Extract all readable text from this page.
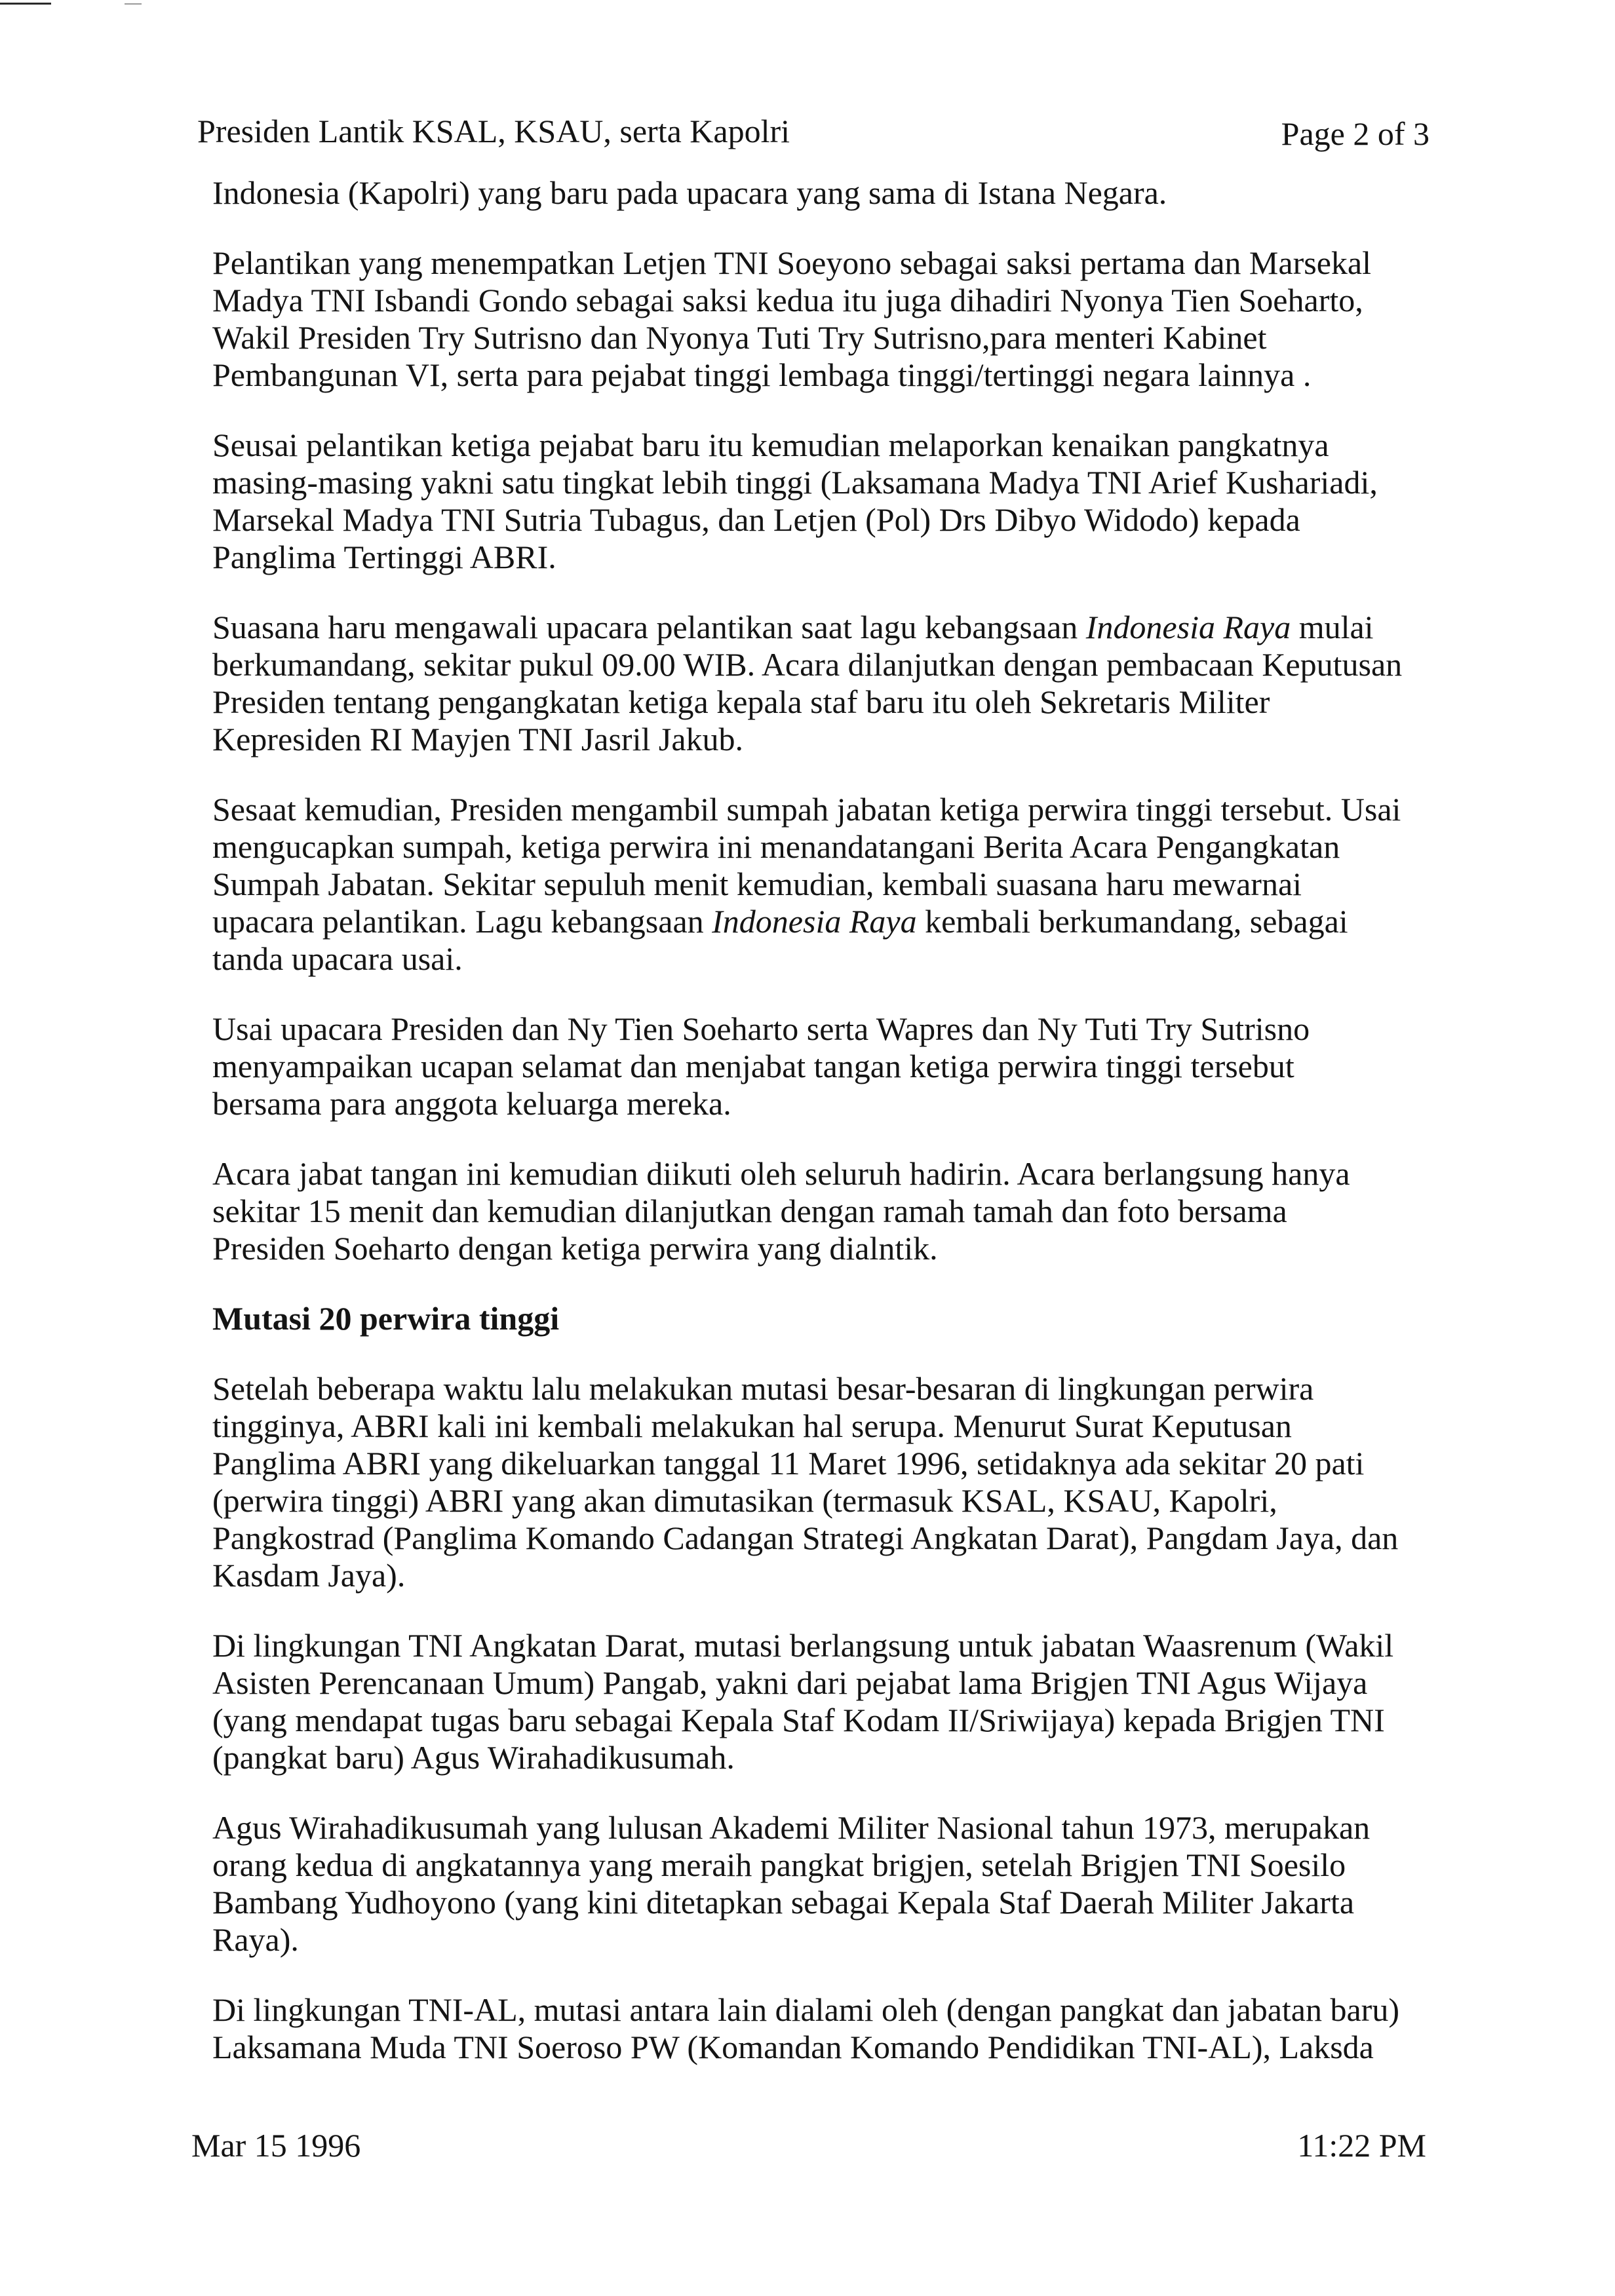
Presiden Lantik KSAL, KSAU, serta Kapolri	Page 2 of 3
Indonesia (Kapolri) yang baru pada upacara yang sama di Istana Negara.
Pelantikan yang menempatkan Letjen TNI Soeyono sebagai saksi pertama dan Marsekal
Madya TNI Isbandi Gondo sebagai saksi kedua itu juga dihadiri Nyonya Tien Soeharto,
Wakil Presiden Try Sutrisno dan Nyonya Tuti Try Sutrisno,para menteri Kabinet
Pembangunan VI, serta para pejabat tinggi lembaga tinggi/tertinggi negara lainnya .
Seusai pelantikan ketiga pejabat baru itu kemudian melaporkan kenaikan pangkatnya
masing-masing yakni satu tingkat lebih tinggi (Laksamana Madya TNI Arief Kushariadi,
Marsekal Madya TNI Sutria Tubagus, dan Letjen (Pol) Drs Dibyo Widodo) kepada
Panglima Tertinggi ABRI.
Suasana haru mengawali upacara pelantikan saat lagu kebangsaan Indonesia Raya mulai
berkumandang, sekitar pukul 09.00 WIB. Acara dilanjutkan dengan pembacaan Keputusan
Presiden tentang pengangkatan ketiga kepala staf baru itu oleh Sekretaris Militer
Kepresiden RI Mayjen TNI Jasril Jakub.
Sesaat kemudian, Presiden mengambil sumpah jabatan ketiga perwira tinggi tersebut. Usai
mengucapkan sumpah, ketiga perwira ini menandatangani Berita Acara Pengangkatan
Sumpah Jabatan. Sekitar sepuluh menit kemudian, kembali suasana haru mewarnai
upacara pelantikan. Lagu kebangsaan Indonesia Raya kembali berkumandang, sebagai
tanda upacara usai.
Usai upacara Presiden dan Ny Tien Soeharto serta Wapres dan Ny Tuti Try Sutrisno
menyampaikan ucapan selamat dan menjabat tangan ketiga perwira tinggi tersebut
bersama para anggota keluarga mereka.
Acara jabat tangan ini kemudian diikuti oleh seluruh hadirin. Acara berlangsung hanya
sekitar 15 menit dan kemudian dilanjutkan dengan ramah tamah dan foto bersama
Presiden Soeharto dengan ketiga perwira yang dialntik.
Mutasi 20 perwira tinggi
Setelah beberapa waktu lalu melakukan mutasi besar-besaran di lingkungan perwira
tingginya, ABRI kali ini kembali melakukan hal serupa. Menurut Surat Keputusan
Panglima ABRI yang dikeluarkan tanggal 11 Maret 1996, setidaknya ada sekitar 20 pati
(perwira tinggi) ABRI yang akan dimutasikan (termasuk KSAL, KSAU, Kapolri,
Pangkostrad (Panglima Komando Cadangan Strategi Angkatan Darat), Pangdam Jaya, dan
Kasdam Jaya).
Di lingkungan TNI Angkatan Darat, mutasi berlangsung untuk jabatan Waasrenum (Wakil
Asisten Perencanaan Umum) Pangab, yakni dari pejabat lama Brigjen TNI Agus Wijaya
(yang mendapat tugas baru sebagai Kepala Staf Kodam II/Sriwijaya) kepada Brigjen TNI
(pangkat baru) Agus Wirahadikusumah.
Agus Wirahadikusumah yang lulusan Akademi Militer Nasional tahun 1973, merupakan
orang kedua di angkatannya yang meraih pangkat brigjen, setelah Brigjen TNI Soesilo
Bambang Yudhoyono (yang kini ditetapkan sebagai Kepala Staf Daerah Militer Jakarta
Raya).
Di lingkungan TNI-AL, mutasi antara lain dialami oleh (dengan pangkat dan jabatan baru)
Laksamana Muda TNI Soeroso PW (Komandan Komando Pendidikan TNI-AL), Laksda
Mar 15 1996	11:22 PM
